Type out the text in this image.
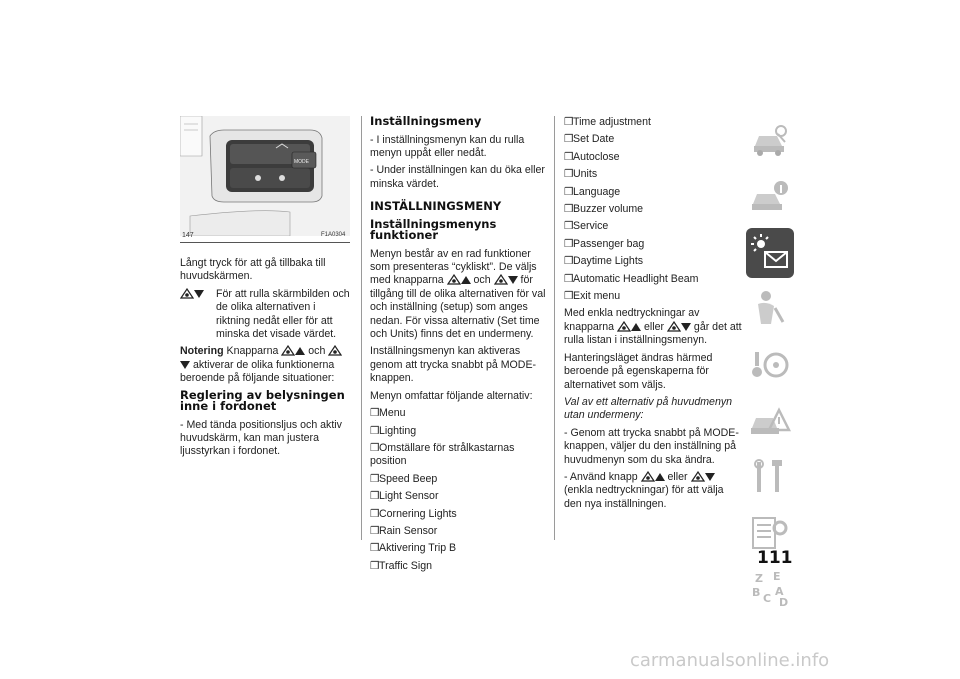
MODE
147	F1A0304

Långt tryck för att gå tillbaka till huvudskärmen.

För att rulla skärmbilden och de olika alternativen i riktning nedåt eller för att minska det visade värdet.

Notering Knapparna	och  aktiverar de olika funktionerna beroende på följande situationer:

Reglering av belysningen inne i fordonet

- Med tända positionsljus och aktiv huvudskärm, kan man justera ljusstyrkan i fordonet.

Inställningsmeny

- I inställningsmenyn kan du rulla menyn uppåt eller nedåt.

- Under inställningen kan du öka eller minska värdet.

INSTÄLLNINGSMENY
Inställningsmenyns funktioner

Menyn består av en rad funktioner som presenteras “cykliskt”. De väljs med knapparna	och	för tillgång till de olika alternativen för val och inställning (setup) som anges nedan. För vissa alternativ (Set time och Units) finns det en undermeny.

Inställningsmenyn kan aktiveras genom att trycka snabbt på MODE-knappen.

Menyn omfattar följande alternativ:

❒Menu
❒Lighting
❒Omställare för strålkastarnas position
❒Speed Beep
❒Light Sensor
❒Cornering Lights
❒Rain Sensor
❒Aktivering Trip B
❒Traffic Sign
❒Time adjustment
❒Set Date
❒Autoclose
❒Units
❒Language
❒Buzzer volume
❒Service
❒Passenger bag
❒Daytime Lights
❒Automatic Headlight Beam
❒Exit menu

Med enkla nedtryckningar av knapparna	eller	går det att rulla listan i inställningsmenyn.

Hanteringsläget ändras härmed beroende på egenskaperna för alternativet som väljs.

Val av ett alternativ på huvudmenyn utan undermeny:

- Genom att trycka snabbt på MODE-knappen, väljer du den inställning på huvudmenyn som du ska ändra.

- Använd knapp	eller  (enkla nedtryckningar) för att välja den nya inställningen.

Z E
B A
C D
111
carmanualsonline.info
